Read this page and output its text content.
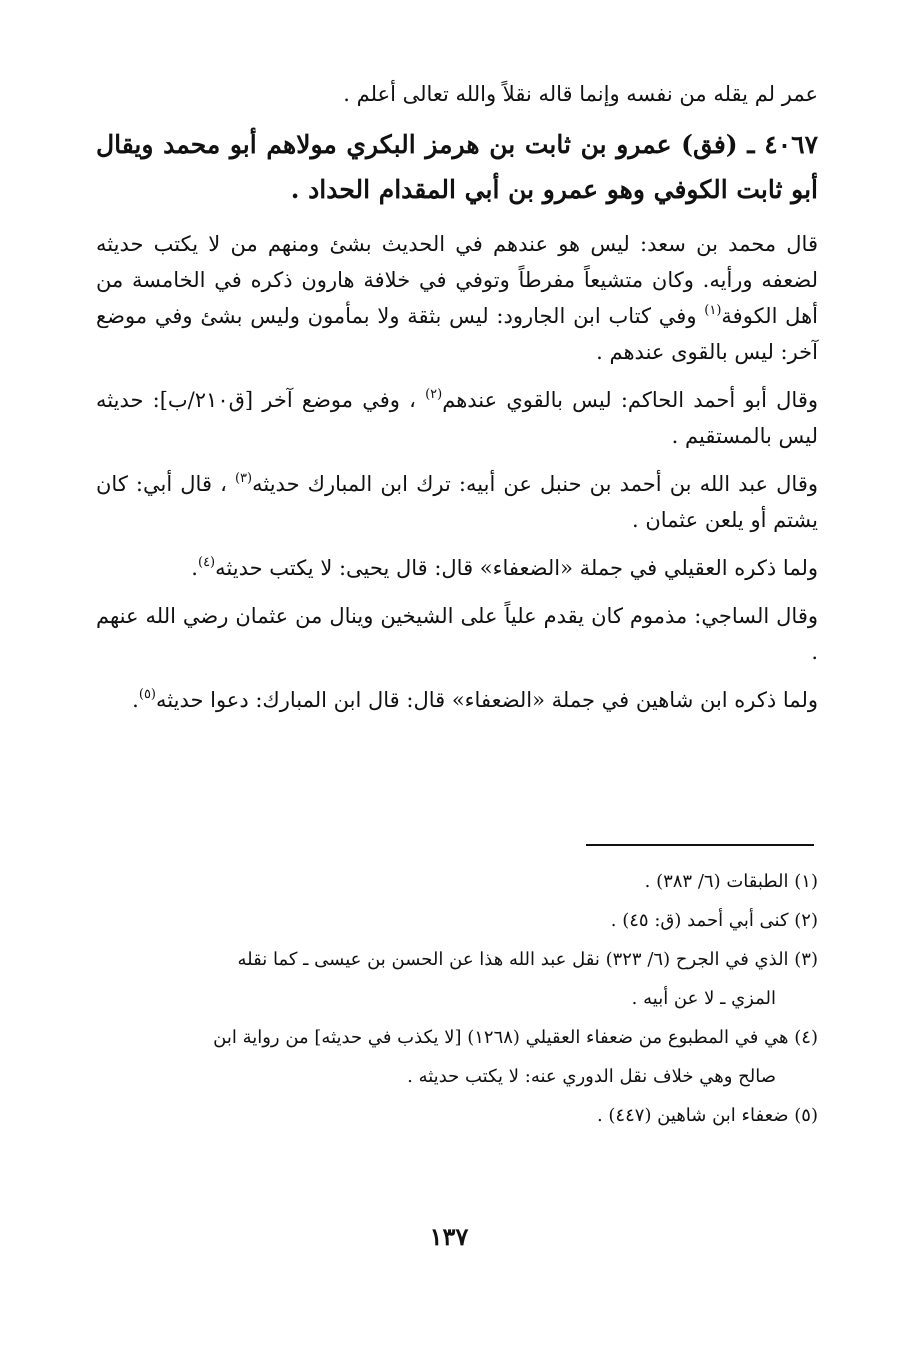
عمر لم يقله من نفسه وإنما قاله نقلاً والله تعالى أعلم .

٤٠٦٧ ـ (فق) عمرو بن ثابت بن هرمز البكري مولاهم أبو محمد ويقال أبو ثابت الكوفي وهو عمرو بن أبي المقدام الحداد .

قال محمد بن سعد: ليس هو عندهم في الحديث بشئ ومنهم من لا يكتب حديثه لضعفه ورأيه. وكان متشيعاً مفرطاً وتوفي في خلافة هارون ذكره في الخامسة من أهل الكوفة$^{(١)}$ وفي كتاب ابن الجارود: ليس بثقة ولا بمأمون وليس بشئ وفي موضع آخر: ليس بالقوى عندهم .

وقال أبو أحمد الحاكم: ليس بالقوي عندهم$^{(٢)}$ ، وفي موضع آخر [ق٢١٠/ب]: حديثه ليس بالمستقيم .

وقال عبد الله بن أحمد بن حنبل عن أبيه: ترك ابن المبارك حديثه$^{(٣)}$ ، قال أبي: كان يشتم أو يلعن عثمان .

ولما ذكره العقيلي في جملة «الضعفاء» قال: قال يحيى: لا يكتب حديثه$^{(٤)}$.

وقال الساجي: مذموم كان يقدم علياً على الشيخين وينال من عثمان رضي الله عنهم .

ولما ذكره ابن شاهين في جملة «الضعفاء» قال: قال ابن المبارك: دعوا حديثه$^{(٥)}$.

(١) الطبقات (٦/ ٣٨٣) .

(٢) كنى أبي أحمد (ق: ٤٥) .

(٣) الذي في الجرح (٦/ ٣٢٣) نقل عبد الله هذا عن الحسن بن عيسى ـ كما نقله
المزي ـ لا عن أبيه .

(٤) هي في المطبوع من ضعفاء العقيلي (١٢٦٨) [لا يكذب في حديثه] من رواية ابن
صالح وهي خلاف نقل الدوري عنه: لا يكتب حديثه .

(٥) ضعفاء ابن شاهين (٤٤٧) .

١٣٧
